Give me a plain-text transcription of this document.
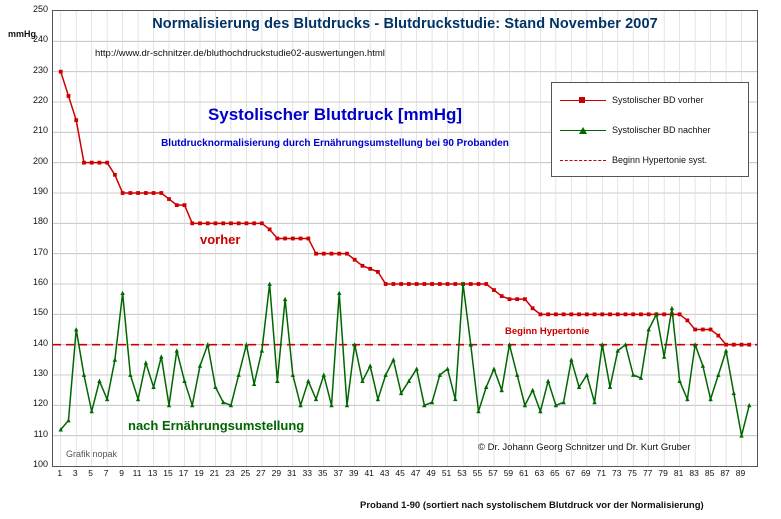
250
240
230
220
210
200
190
180
170
160
150
140
130
120
110
100
mmHg
Normalisierung des Blutdrucks - Blutdruckstudie: Stand November 2007
http://www.dr-schnitzer.de/bluthochdruckstudie02-auswertungen.html
Systolischer Blutdruck [mmHg]
Blutdrucknormalisierung durch Ernährungsumstellung bei 90 Probanden
vorher
nach Ernährungsumstellung
Beginn Hypertonie
© Dr. Johann Georg Schnitzer und Dr. Kurt Gruber
Grafik nopak
Systolischer BD vorher
Systolischer BD nachher
Beginn Hypertonie syst.
1	3	5	7	9	11 13 15 17 19 21 23 25 27 29 31 33 35 37 39 41 43 45 47 49 51 53 55 57 59 61 63 65 67 69 71 73 75 77 79 81 83 85 87 89
Proband 1-90 (sortiert nach systolischem Blutdruck vor der Normalisierung)
